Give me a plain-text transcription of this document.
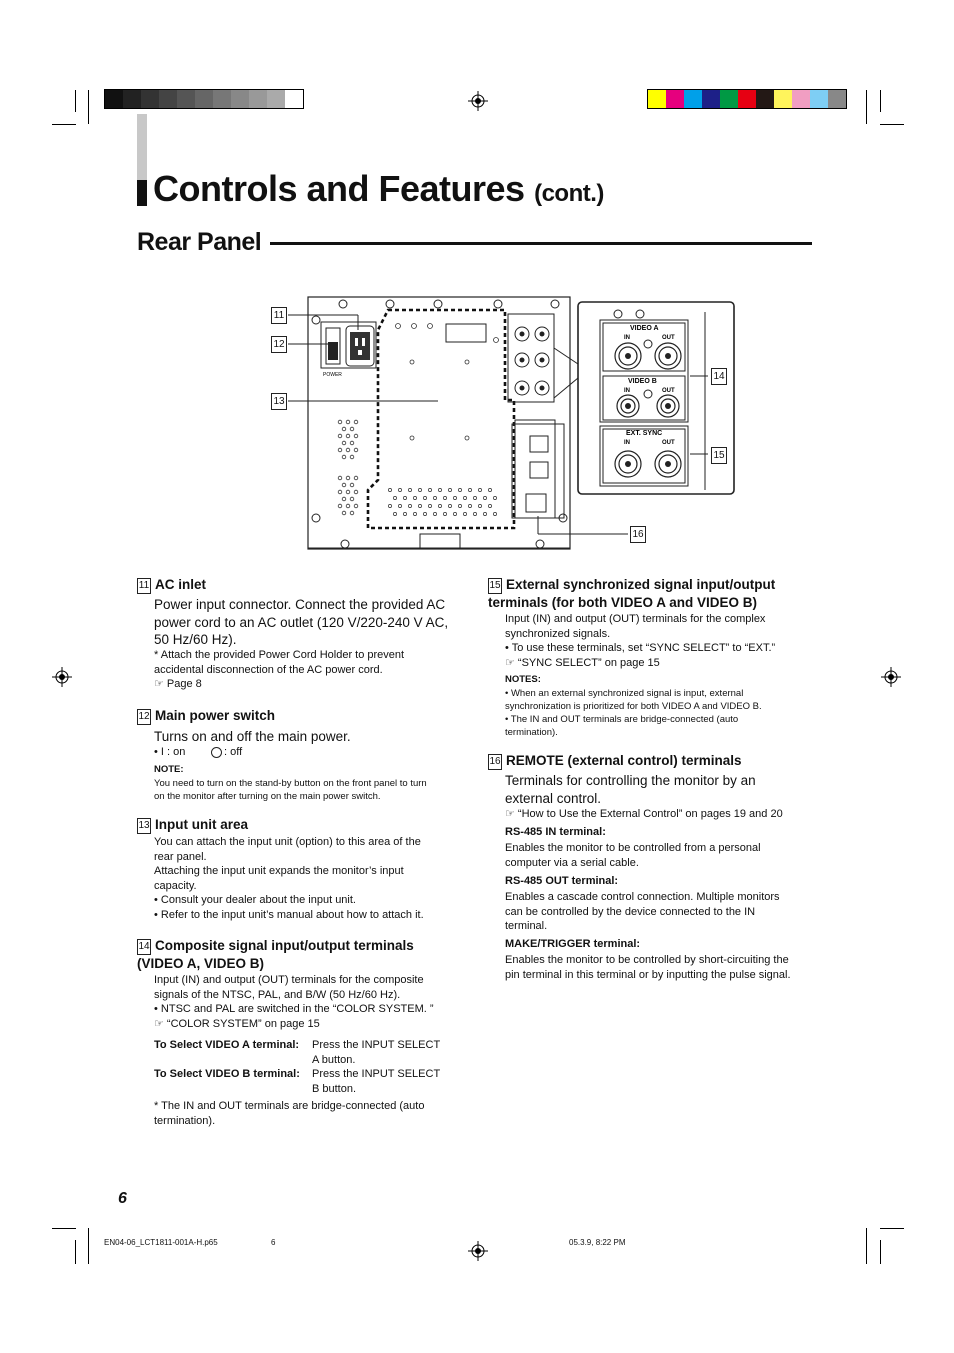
Controls and Features (cont.)
Rear Panel
POWER
VIDEO A
VIDEO B
EXT. SYNC
IN	OUT
IN	OUT
IN	OUT
11
12
13
14
15
16
11 AC inlet
Power input connector. Connect the provided AC
power cord to an AC outlet (120 V/220-240 V AC,
50 Hz/60 Hz).
* Attach the provided Power Cord Holder to prevent
accidental disconnection of the AC power cord.
☞ Page 8
12 Main power switch
Turns on and off the main power.
• I : on	: off
NOTE:
You need to turn on the stand-by button on the front panel to turn
on the monitor after turning on the main power switch.
13 Input unit area
You can attach the input unit (option) to this area of the
rear panel.
Attaching the input unit expands the monitor’s input
capacity.
• Consult your dealer about the input unit.
• Refer to the input unit’s manual about how to attach it.
14 Composite signal input/output terminals
(VIDEO A, VIDEO B)
Input (IN) and output (OUT) terminals for the composite
signals of the NTSC, PAL, and B/W (50 Hz/60 Hz).
• NTSC and PAL are switched in the “COLOR SYSTEM. ”
☞ “COLOR SYSTEM” on page 15
To Select VIDEO A terminal: Press the INPUT SELECT
A button.
To Select VIDEO B terminal: Press the INPUT SELECT
B button.
* The IN and OUT terminals are bridge-connected (auto
termination).
15 External synchronized signal input/output
terminals (for both VIDEO A and VIDEO B)
Input (IN) and output (OUT) terminals for the complex
synchronized signals.
• To use these terminals, set “SYNC SELECT” to “EXT.”
☞ “SYNC SELECT” on page 15
NOTES:
• When an external synchronized signal is input, external
synchronization is prioritized for both VIDEO A and VIDEO B.
• The IN and OUT terminals are bridge-connected (auto
termination).
16 REMOTE (external control) terminals
Terminals for controlling the monitor by an
external control.
☞ “How to Use the External Control” on pages 19 and 20
RS-485 IN terminal:
Enables the monitor to be controlled from a personal
computer via a serial cable.
RS-485 OUT terminal:
Enables a cascade control connection. Multiple monitors
can be controlled by the device connected to the IN
terminal.
MAKE/TRIGGER terminal:
Enables the monitor to be controlled by short-circuiting the
pin terminal in this terminal or by inputting the pulse signal.
6
EN04-06_LCT1811-001A-H.p65	6	05.3.9, 8:22 PM
